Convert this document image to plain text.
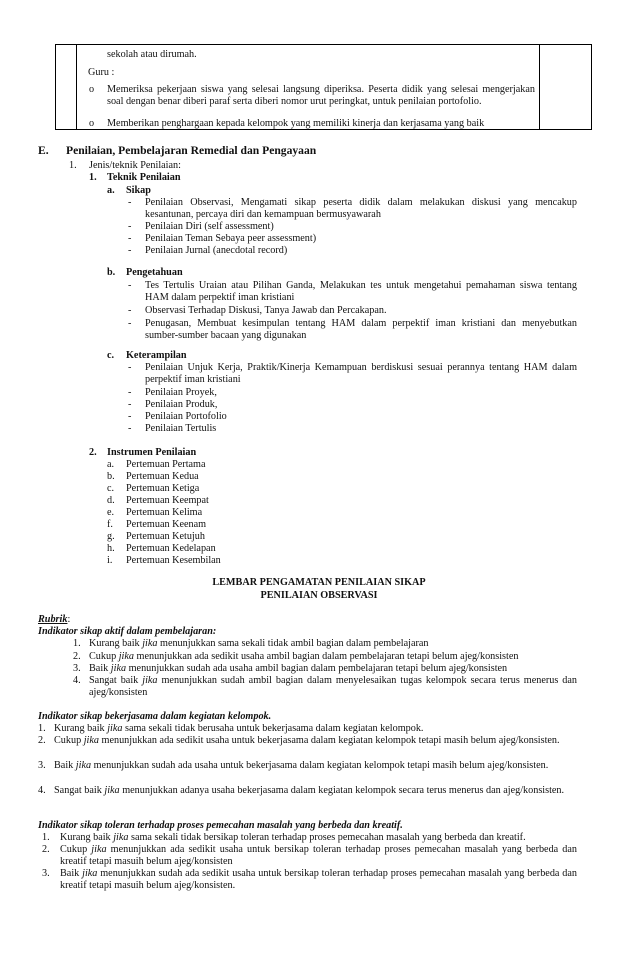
sekolah atau dirumah.
Guru :
o Memeriksa pekerjaan siswa yang selesai langsung diperiksa. Peserta didik yang selesai mengerjakan soal dengan benar diberi paraf serta diberi nomor urut peringkat, untuk penilaian portofolio.
o Memberikan penghargaan kepada kelompok yang memiliki kinerja dan kerjasama yang baik
E. Penilaian, Pembelajaran Remedial dan Pengayaan
1. Jenis/teknik Penilaian:
1. Teknik Penilaian
a. Sikap
- Penilaian Observasi, Mengamati sikap peserta didik dalam melakukan diskusi yang mencakup kesantunan, percaya diri dan kemampuan bermusyawarah
- Penilaian Diri (self assessment)
- Penilaian Teman Sebaya peer assessment)
- Penilaian Jurnal (anecdotal record)
b. Pengetahuan
- Tes Tertulis Uraian atau Pilihan Ganda, Melakukan tes untuk mengetahui pemahaman siswa tentang HAM dalam perpektif iman kristiani
- Observasi Terhadap Diskusi, Tanya Jawab dan Percakapan.
- Penugasan, Membuat kesimpulan tentang HAM dalam perpektif iman kristiani dan menyebutkan sumber-sumber bacaan yang digunakan
c. Keterampilan
- Penilaian Unjuk Kerja, Praktik/Kinerja Kemampuan berdiskusi sesuai perannya tentang HAM dalam perpektif iman kristiani
- Penilaian Proyek,
- Penilaian Produk,
- Penilaian Portofolio
- Penilaian Tertulis
2. Instrumen Penilaian
a. Pertemuan Pertama
b. Pertemuan Kedua
c. Pertemuan Ketiga
d. Pertemuan Keempat
e. Pertemuan Kelima
f. Pertemuan Keenam
g. Pertemuan Ketujuh
h. Pertemuan Kedelapan
i. Pertemuan Kesembilan
LEMBAR PENGAMATAN PENILAIAN SIKAP
PENILAIAN OBSERVASI
Rubrik:
Indikator sikap aktif dalam pembelajaran:
1. Kurang baik jika menunjukkan sama sekali tidak ambil bagian dalam pembelajaran
2. Cukup jika menunjukkan ada sedikit usaha ambil bagian dalam pembelajaran tetapi belum ajeg/konsisten
3. Baik jika menunjukkan sudah ada usaha ambil bagian dalam pembelajaran tetapi belum ajeg/konsisten
4. Sangat baik jika menunjukkan sudah ambil bagian dalam menyelesaikan tugas kelompok secara terus menerus dan ajeg/konsisten
Indikator sikap bekerjasama dalam kegiatan kelompok.
1. Kurang baik jika sama sekali tidak berusaha untuk bekerjasama dalam kegiatan kelompok.
2. Cukup jika menunjukkan ada sedikit usaha untuk bekerjasama dalam kegiatan kelompok tetapi masih belum ajeg/konsisten.
3. Baik jika menunjukkan sudah ada usaha untuk bekerjasama dalam kegiatan kelompok tetapi masih belum ajeg/konsisten.
4. Sangat baik jika menunjukkan adanya usaha bekerjasama dalam kegiatan kelompok secara terus menerus dan ajeg/konsisten.
Indikator sikap toleran terhadap proses pemecahan masalah yang berbeda dan kreatif.
1. Kurang baik jika sama sekali tidak bersikap toleran terhadap proses pemecahan masalah yang berbeda dan kreatif.
2. Cukup jika menunjukkan ada sedikit usaha untuk bersikap toleran terhadap proses pemecahan masalah yang berbeda dan kreatif tetapi masuih belum ajeg/konsisten
3. Baik jika menunjukkan sudah ada sedikit usaha untuk bersikap toleran terhadap proses pemecahan masalah yang berbeda dan kreatif tetapi masuih belum ajeg/konsisten.
